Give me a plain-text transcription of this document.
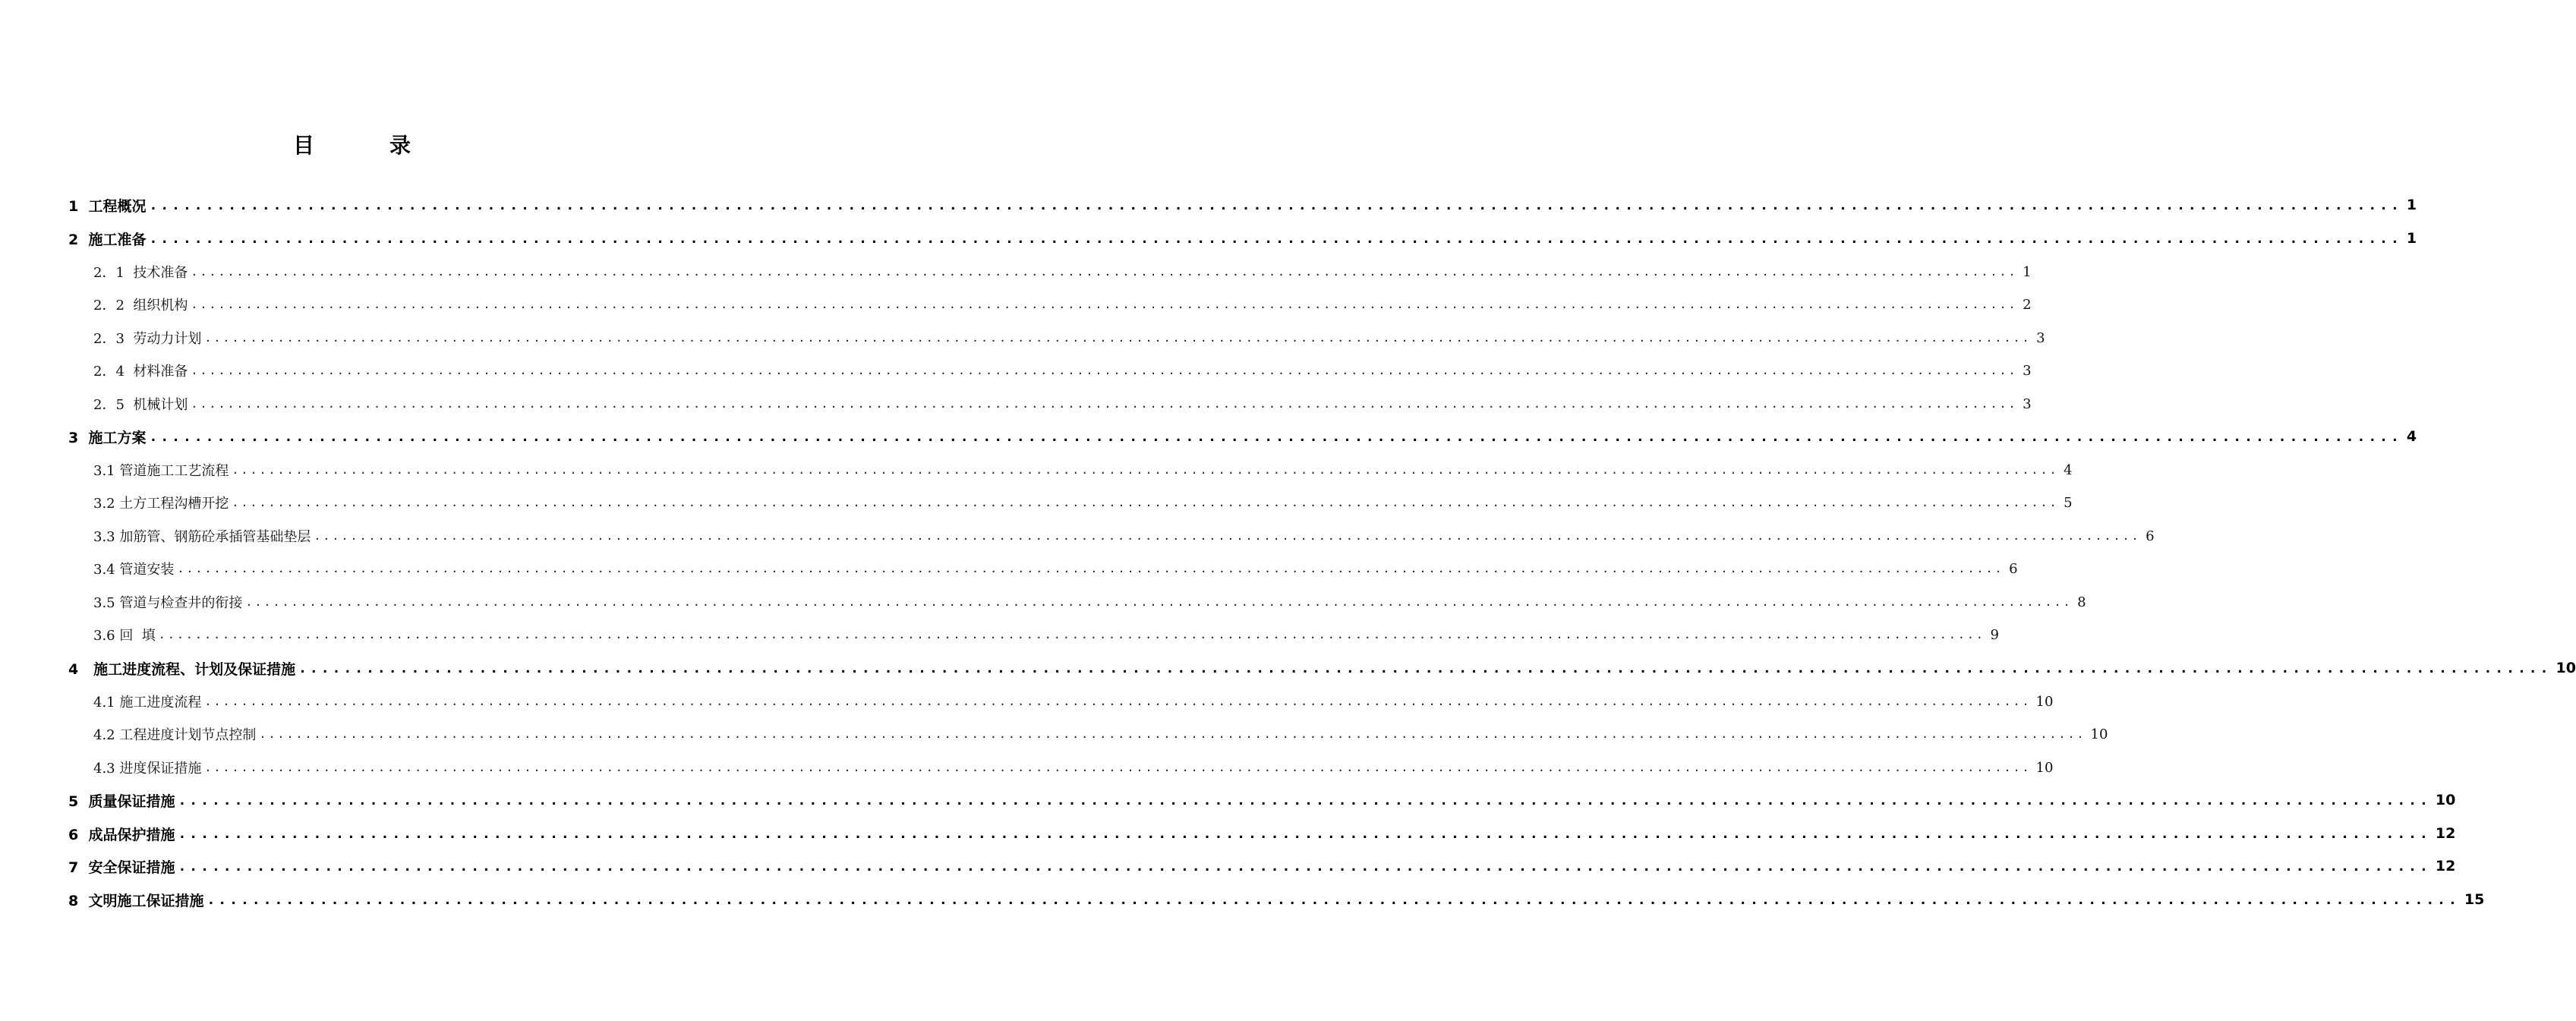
目	录
1  工程概况 ........................................................................................................................................................................................................ 1
2  施工准备 ........................................................................................................................................................................................................ 1
2．1  技术准备 ........................................................................................................................................................................................................ 1
2．2  组织机构 ........................................................................................................................................................................................................ 2
2．3  劳动力计划 ........................................................................................................................................................................................................ 3
2．4  材料准备 ........................................................................................................................................................................................................ 3
2．5  机械计划 ........................................................................................................................................................................................................ 3
3  施工方案 ........................................................................................................................................................................................................ 4
3.1 管道施工工艺流程 ........................................................................................................................................................................................................ 4
3.2 土方工程沟槽开挖 ........................................................................................................................................................................................................ 5
3.3 加筋管、钢筋砼承插管基础垫层 ........................................................................................................................................................................................................ 6
3.4 管道安装 ........................................................................................................................................................................................................ 6
3.5 管道与检查井的衔接 ........................................................................................................................................................................................................ 8
3.6 回  填 ........................................................................................................................................................................................................ 9
4   施工进度流程、计划及保证措施 ........................................................................................................................................................................................................ 10
4.1 施工进度流程 ........................................................................................................................................................................................................ 10
4.2 工程进度计划节点控制 ........................................................................................................................................................................................................ 10
4.3 进度保证措施 ........................................................................................................................................................................................................ 10
5  质量保证措施 ........................................................................................................................................................................................................ 10
6  成品保护措施 ........................................................................................................................................................................................................ 12
7  安全保证措施 ........................................................................................................................................................................................................ 12
8  文明施工保证措施 ........................................................................................................................................................................................................ 15
